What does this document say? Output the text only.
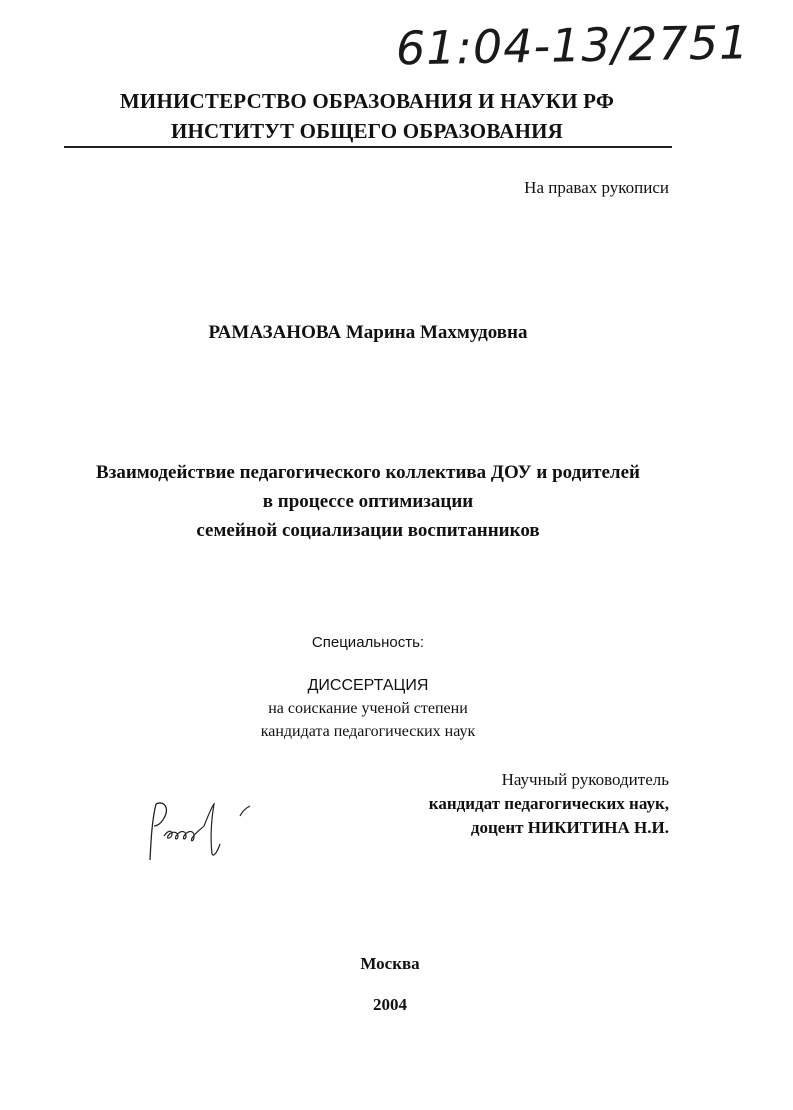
61:04-13/2751
МИНИСТЕРСТВО ОБРАЗОВАНИЯ И НАУКИ РФ
ИНСТИТУТ ОБЩЕГО ОБРАЗОВАНИЯ
На правах рукописи
РАМАЗАНОВА Марина Махмудовна
Взаимодействие педагогического коллектива ДОУ и родителей
в процессе оптимизации
семейной социализации воспитанников
Специальность:
ДИССЕРТАЦИЯ
на соискание ученой степени
кандидата педагогических наук
Научный руководитель
кандидат педагогических наук,
доцент НИКИТИНА Н.И.
Москва
2004
